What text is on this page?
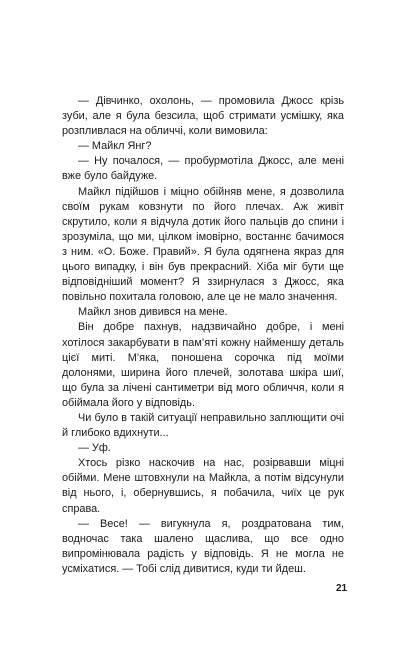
— Дівчинко, охолонь, — промовила Джосс крізь зуби, але я була безсила, щоб стримати усмішку, яка розпливлася на обличчі, коли вимовила:

— Майкл Янг?

— Ну почалося, — пробурмотіла Джосс, але мені вже було байдуже.

Майкл підійшов і міцно обійняв мене, я дозволила своїм рукам ковзнути по його плечах. Аж живіт скрутило, коли я відчула дотик його пальців до спини і зрозуміла, що ми, цілком імовірно, востаннє бачимося з ним. «О. Боже. Правий». Я була одягнена якраз для цього випадку, і він був прекрасний. Хіба міг бути ще відповідніший момент? Я ззирнулася з Джосс, яка повільно похитала головою, але це не мало значення.

Майкл знов дивився на мене.

Він добре пахнув, надзвичайно добре, і мені хотілося закарбувати в пам’яті кожну найменшу деталь цієї миті. М’яка, поношена сорочка під моїми долонями, ширина його плечей, золотава шкіра шиї, що була за лічені сантиметри від мого обличчя, коли я обіймала його у відповідь.

Чи було в такій ситуації неправильно заплющити очі й глибоко вдихнути...

— Уф.

Хтось різко наскочив на нас, розірвавши міцні обійми. Мене штовхнули на Майкла, а потім відсунули від нього, і, обернувшись, я побачила, чиїх це рук справа.

— Весе! — вигукнула я, роздратована тим, водночас така шалено щаслива, що все одно випромінювала радість у відповідь. Я не могла не усміхатися. — Тобі слід дивитися, куди ти йдеш.

21
